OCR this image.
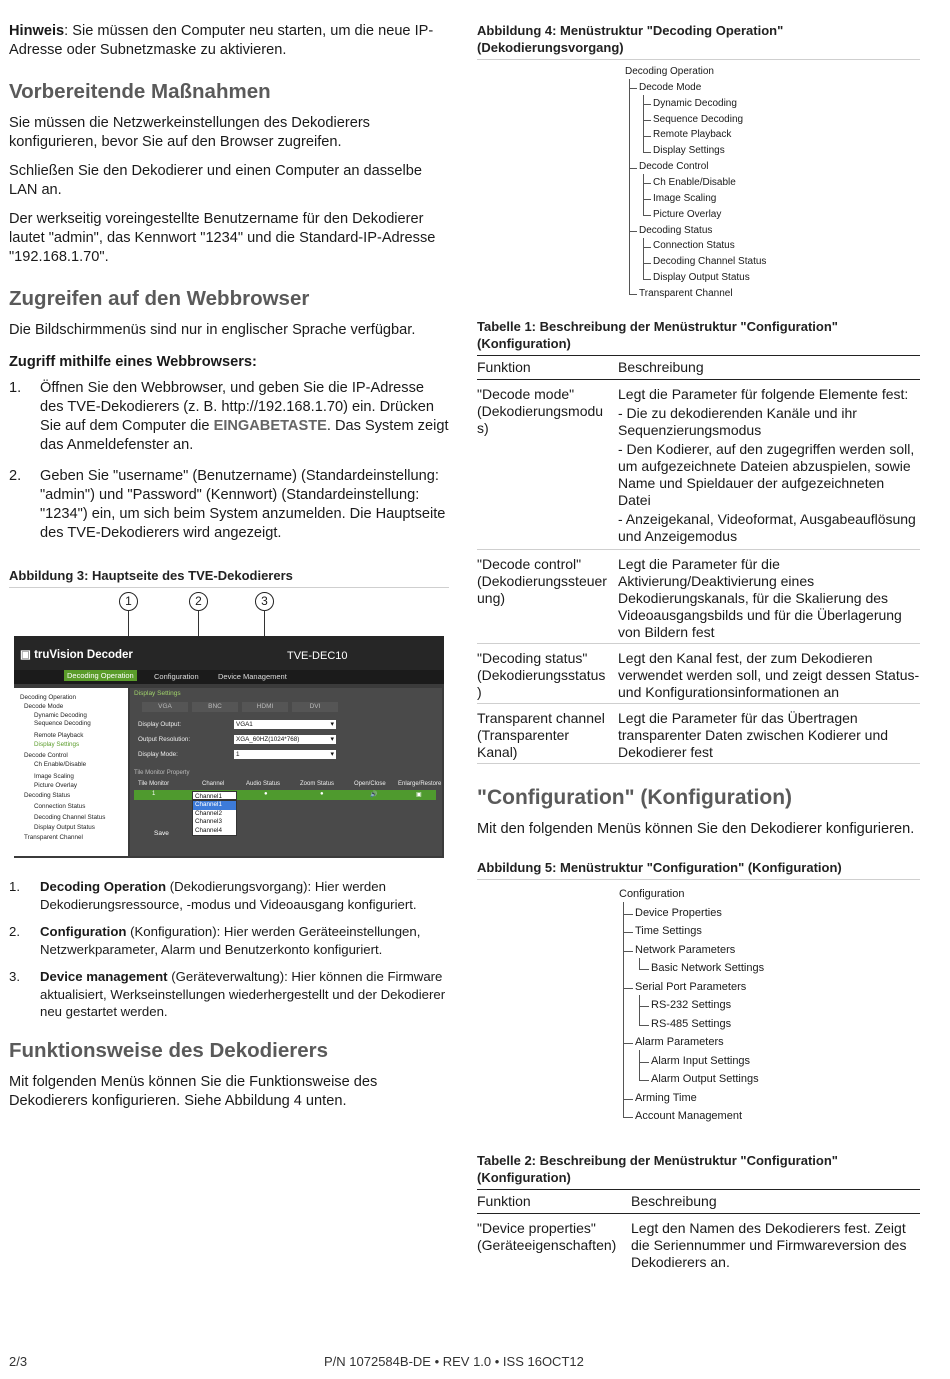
Hinweis: Sie müssen den Computer neu starten, um die neue IP-Adresse oder Subnetzmaske zu aktivieren.

Vorbereitende Maßnahmen

Sie müssen die Netzwerkeinstellungen des Dekodierers konfigurieren, bevor Sie auf den Browser zugreifen.

Schließen Sie den Dekodierer und einen Computer an dasselbe LAN an.

Der werkseitig voreingestellte Benutzername für den Dekodierer lautet "admin", das Kennwort "1234" und die Standard-IP-Adresse "192.168.1.70".

Zugreifen auf den Webbrowser

Die Bildschirmmenüs sind nur in englischer Sprache verfügbar.

Zugriff mithilfe eines Webbrowsers:
1. Öffnen Sie den Webbrowser, und geben Sie die IP-Adresse des TVE-Dekodierers (z. B. http://192.168.1.70) ein. Drücken Sie auf dem Computer die EINGABETASTE. Das System zeigt das Anmeldefenster an.
2. Geben Sie "username" (Benutzername) (Standardeinstellung: "admin") und "Password" (Kennwort) (Standardeinstellung: "1234") ein, um sich beim System anzumelden. Die Hauptseite des TVE-Dekodierers wird angezeigt.
Abbildung 3: Hauptseite des TVE-Dekodierers
1	2	3
▣ truVision Decoder	TVE-DEC10
Decoding Operation	Configuration	Device Management
Decoding Operation
Decode Mode
Dynamic Decoding
Sequence Decoding
Remote Playback
Display Settings
Decode Control
Ch Enable/Disable
Image Scaling
Picture Overlay
Decoding Status
Connection Status
Decoding Channel Status
Display Output Status
Transparent Channel
Display Settings
VGA	BNC	HDMI	DVI
Display Output:	VGA1 ▾
Output Resolution:	XGA_60HZ(1024*768) ▾
Display Mode:	1 ▾
Tile Monitor Property
Tile Monitor	Channel	Audio Status	Zoom Status	Open/Close Enlarge/Restore
1	●	●	🔊	▣
Channel1
Channel1
Channel2
Channel3
Channel4
Save
1. Decoding Operation (Dekodierungsvorgang): Hier werden Dekodierungsressource, -modus und Videoausgang konfiguriert.
2. Configuration (Konfiguration): Hier werden Geräteeinstellungen, Netzwerkparameter, Alarm und Benutzerkonto konfiguriert.
3. Device management (Geräteverwaltung): Hier können die Firmware aktualisiert, Werkseinstellungen wiederhergestellt und der Dekodierer neu gestartet werden.
Funktionsweise des Dekodierers

Mit folgenden Menüs können Sie die Funktionsweise des Dekodierers konfigurieren. Siehe Abbildung 4 unten.

Abbildung 4: Menüstruktur "Decoding Operation" (Dekodierungsvorgang)
Decoding Operation
Decode Mode
Dynamic Decoding
Sequence Decoding
Remote Playback
Display Settings
Decode Control
Ch Enable/Disable
Image Scaling
Picture Overlay
Decoding Status
Connection Status
Decoding Channel Status
Display Output Status
Transparent Channel
Tabelle 1: Beschreibung der Menüstruktur "Configuration" (Konfiguration)
Funktion	Beschreibung
"Decode mode" (Dekodierungsmodu s)	Legt die Parameter für folgende Elemente fest:
- Die zu dekodierenden Kanäle und ihr Sequenzierungsmodus
- Den Kodierer, auf den zugegriffen werden soll, um aufgezeichnete Dateien abzuspielen, sowie Name und Spieldauer der aufgezeichneten Datei
- Anzeigekanal, Videoformat, Ausgabeauflösung und Anzeigemodus

"Decode control" (Dekodierungssteuer ung)	Legt die Parameter für die Aktivierung/Deaktivierung eines Dekodierungskanals, für die Skalierung des Videoausgangsbilds und für die Überlagerung von Bildern fest
"Decoding status" (Dekodierungsstatus )	Legt den Kanal fest, der zum Dekodieren verwendet werden soll, und zeigt dessen Status- und Konfigurationsinformationen an
Transparent channel (Transparenter Kanal)	Legt die Parameter für das Übertragen transparenter Daten zwischen Kodierer und Dekodierer fest
"Configuration" (Konfiguration)

Mit den folgenden Menüs können Sie den Dekodierer konfigurieren.

Abbildung 5: Menüstruktur "Configuration" (Konfiguration)
Configuration
Device Properties
Time Settings
Network Parameters
Basic Network Settings
Serial Port Parameters
RS-232 Settings
RS-485 Settings
Alarm Parameters
Alarm Input Settings
Alarm Output Settings
Arming Time
Account Management
Tabelle 2: Beschreibung der Menüstruktur "Configuration" (Konfiguration)
Funktion	Beschreibung
"Device properties" (Geräteeigenschaften)	Legt den Namen des Dekodierers fest. Zeigt die Seriennummer und Firmwareversion des Dekodierers an.
2/3	P/N 1072584B-DE • REV 1.0 • ISS 16OCT12
